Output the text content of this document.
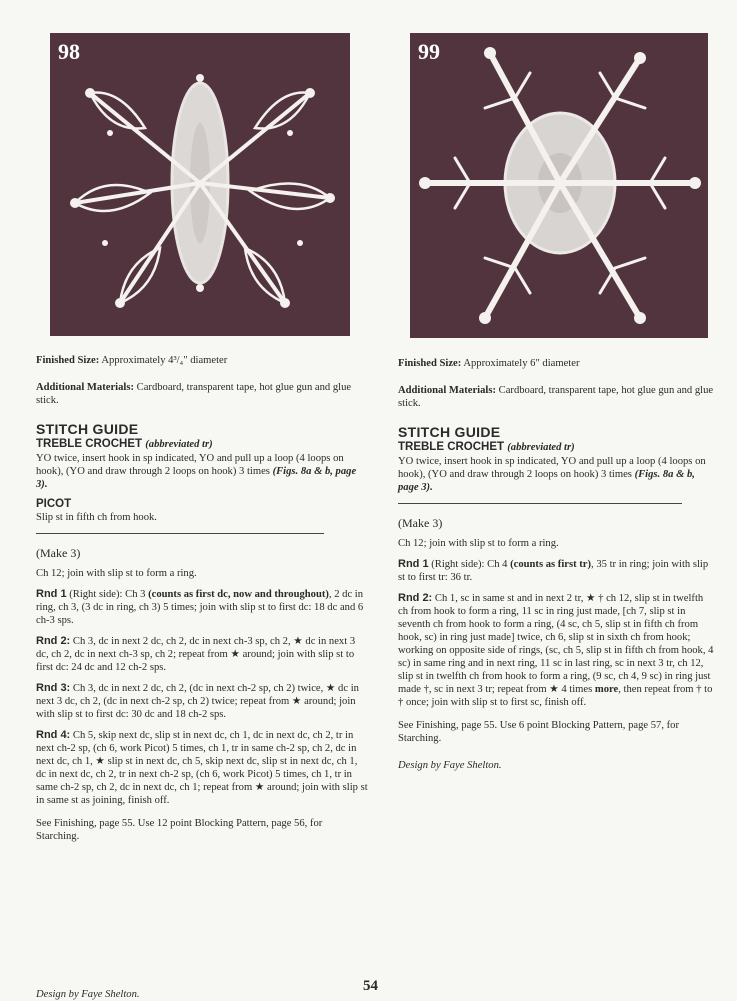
98

Finished Size: Approximately 4³/₄" diameter

Additional Materials: Cardboard, transparent tape, hot glue gun and glue stick.

STITCH GUIDE
TREBLE CROCHET (abbreviated tr)

YO twice, insert hook in sp indicated, YO and pull up a loop (4 loops on hook), (YO and draw through 2 loops on hook) 3 times (Figs. 8a & b, page 3).

PICOT

Slip st in fifth ch from hook.

(Make 3)

Ch 12; join with slip st to form a ring.

Rnd 1 (Right side): Ch 3 (counts as first dc, now and throughout), 2 dc in ring, ch 3, (3 dc in ring, ch 3) 5 times; join with slip st to first dc: 18 dc and 6 ch-3 sps.

Rnd 2: Ch 3, dc in next 2 dc, ch 2, dc in next ch-3 sp, ch 2, ★ dc in next 3 dc, ch 2, dc in next ch-3 sp, ch 2; repeat from ★ around; join with slip st to first dc: 24 dc and 12 ch-2 sps.

Rnd 3: Ch 3, dc in next 2 dc, ch 2, (dc in next ch-2 sp, ch 2) twice, ★ dc in next 3 dc, ch 2, (dc in next ch-2 sp, ch 2) twice; repeat from ★ around; join with slip st to first dc: 30 dc and 18 ch-2 sps.

Rnd 4: Ch 5, skip next dc, slip st in next dc, ch 1, dc in next dc, ch 2, tr in next ch-2 sp, (ch 6, work Picot) 5 times, ch 1, tr in same ch-2 sp, ch 2, dc in next dc, ch 1, ★ slip st in next dc, ch 5, skip next dc, slip st in next dc, ch 1, dc in next dc, ch 2, tr in next ch-2 sp, (ch 6, work Picot) 5 times, ch 1, tr in same ch-2 sp, ch 2, dc in next dc, ch 1; repeat from ★ around; join with slip st in same st as joining, finish off.

See Finishing, page 55. Use 12 point Blocking Pattern, page 56, for Starching.

Design by Faye Shelton.

99

Finished Size: Approximately 6" diameter

Additional Materials: Cardboard, transparent tape, hot glue gun and glue stick.

STITCH GUIDE
TREBLE CROCHET (abbreviated tr)

YO twice, insert hook in sp indicated, YO and pull up a loop (4 loops on hook), (YO and draw through 2 loops on hook) 3 times (Figs. 8a & b, page 3).

(Make 3)

Ch 12; join with slip st to form a ring.

Rnd 1 (Right side): Ch 4 (counts as first tr), 35 tr in ring; join with slip st to first tr: 36 tr.

Rnd 2: Ch 1, sc in same st and in next 2 tr, ★ † ch 12, slip st in twelfth ch from hook to form a ring, 11 sc in ring just made, [ch 7, slip st in seventh ch from hook to form a ring, (4 sc, ch 5, slip st in fifth ch from hook, sc) in ring just made] twice, ch 6, slip st in sixth ch from hook; working on opposite side of rings, (sc, ch 5, slip st in fifth ch from hook, 4 sc) in same ring and in next ring, 11 sc in last ring, sc in next 3 tr, ch 12, slip st in twelfth ch from hook to form a ring, (9 sc, ch 4, 9 sc) in ring just made †, sc in next 3 tr; repeat from ★ 4 times more, then repeat from † to † once; join with slip st to first sc, finish off.

See Finishing, page 55. Use 6 point Blocking Pattern, page 57, for Starching.

Design by Faye Shelton.

54
